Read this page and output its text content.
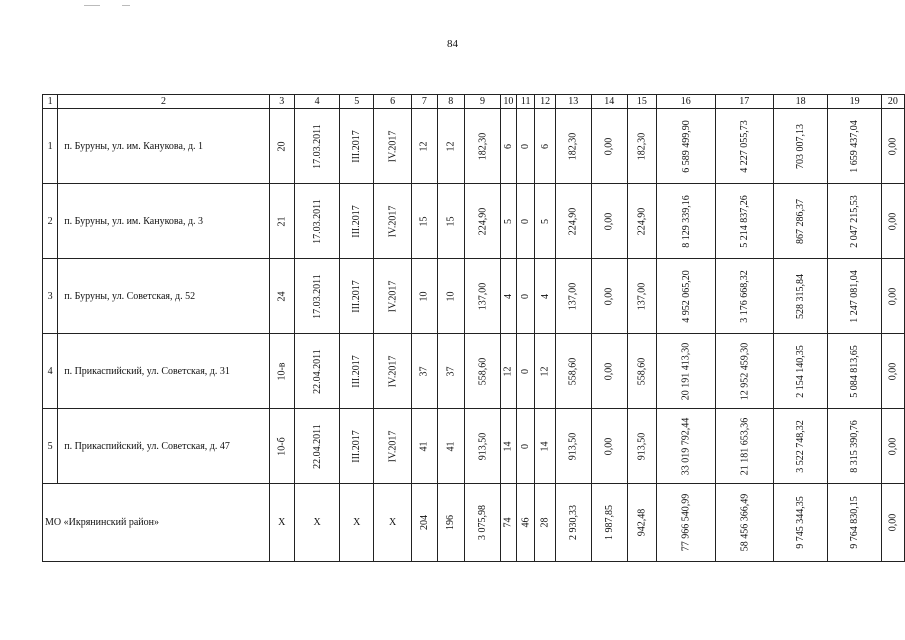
84
1	2	3	4	5	6	7	8	9	10	11	12	13	14	15	16	17	18	19	20
1	п. Буруны, ул. им. Канукова, д. 1	20	17.03.2011	III.2017	IV.2017	12	12	182,30	6	0	6	182,30	0,00	182,30	6 589 499,90	4 227 055,73	703 007,13	1 659 437,04	0,00
2	п. Буруны, ул. им. Канукова, д. 3	21	17.03.2011	III.2017	IV.2017	15	15	224,90	5	0	5	224,90	0,00	224,90	8 129 339,16	5 214 837,26	867 286,37	2 047 215,53	0,00
3	п. Буруны, ул. Советская, д. 52	24	17.03.2011	III.2017	IV.2017	10	10	137,00	4	0	4	137,00	0,00	137,00	4 952 065,20	3 176 668,32	528 315,84	1 247 081,04	0,00
4	п. Прикаспийский, ул. Советская, д. 31	10-в	22.04.2011	III.2017	IV.2017	37	37	558,60	12	0	12	558,60	0,00	558,60	20 191 413,30	12 952 459,30	2 154 140,35	5 084 813,65	0,00
5	п. Прикаспийский, ул. Советская, д. 47	10-б	22.04.2011	III.2017	IV.2017	41	41	913,50	14	0	14	913,50	0,00	913,50	33 019 792,44	21 181 653,36	3 522 748,32	8 315 390,76	0,00
МО «Икрянинский район»		X	X	X	X	204	196	3 075,98	74	46	28	2 930,33	1 987,85	942,48	77 966 540,99	58 456 366,49	9 745 344,35	9 764 830,15	0,00
